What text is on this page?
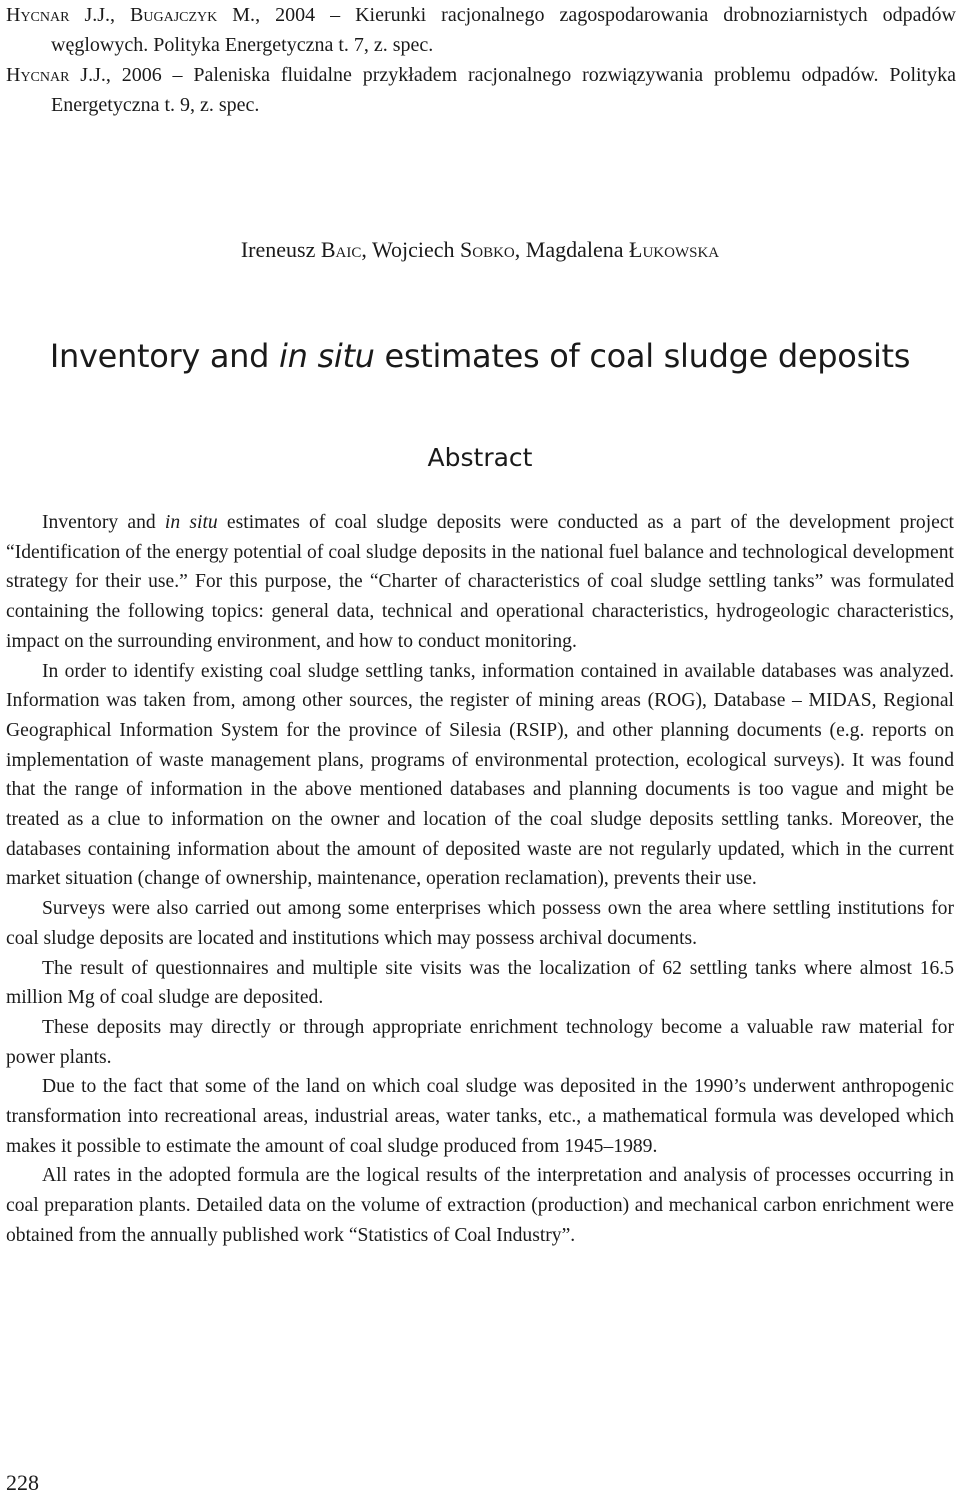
Hycnar J.J., Bugajczyk M., 2004 – Kierunki racjonalnego zagospodarowania drobnoziarnistych odpadów węglowych. Polityka Energetyczna t. 7, z. spec.

Hycnar J.J., 2006 – Paleniska fluidalne przykładem racjonalnego rozwiązywania problemu odpadów. Polityka Energetyczna t. 9, z. spec.

Ireneusz Baic, Wojciech Sobko, Magdalena Łukowska

Inventory and in situ estimates of coal sludge deposits
Abstract

Inventory and in situ estimates of coal sludge deposits were conducted as a part of the development project “Identification of the energy potential of coal sludge deposits in the national fuel balance and technological development strategy for their use.” For this purpose, the “Charter of characteristics of coal sludge settling tanks” was formulated containing the following topics: general data, technical and operational characteristics, hydrogeologic characteristics, impact on the surrounding environment, and how to conduct monitoring.

In order to identify existing coal sludge settling tanks, information contained in available databases was analyzed. Information was taken from, among other sources, the register of mining areas (ROG), Database – MIDAS, Regional Geographical Information System for the province of Silesia (RSIP), and other planning documents (e.g. reports on implementation of waste management plans, programs of environmental protection, ecological surveys). It was found that the range of information in the above mentioned databases and planning documents is too vague and might be treated as a clue to information on the owner and location of the coal sludge deposits settling tanks. Moreover, the databases containing information about the amount of deposited waste are not regularly updated, which in the current market situation (change of ownership, maintenance, operation reclamation), prevents their use.

Surveys were also carried out among some enterprises which possess own the area where settling institutions for coal sludge deposits are located and institutions which may possess archival documents.

The result of questionnaires and multiple site visits was the localization of 62 settling tanks where almost 16.5 million Mg of coal sludge are deposited.

These deposits may directly or through appropriate enrichment technology become a valuable raw material for power plants.

Due to the fact that some of the land on which coal sludge was deposited in the 1990’s underwent anthropogenic transformation into recreational areas, industrial areas, water tanks, etc., a mathematical formula was developed which makes it possible to estimate the amount of coal sludge produced from 1945–1989.

All rates in the adopted formula are the logical results of the interpretation and analysis of processes occurring in coal preparation plants. Detailed data on the volume of extraction (production) and mechanical carbon enrichment were obtained from the annually published work “Statistics of Coal Industry”.

228
